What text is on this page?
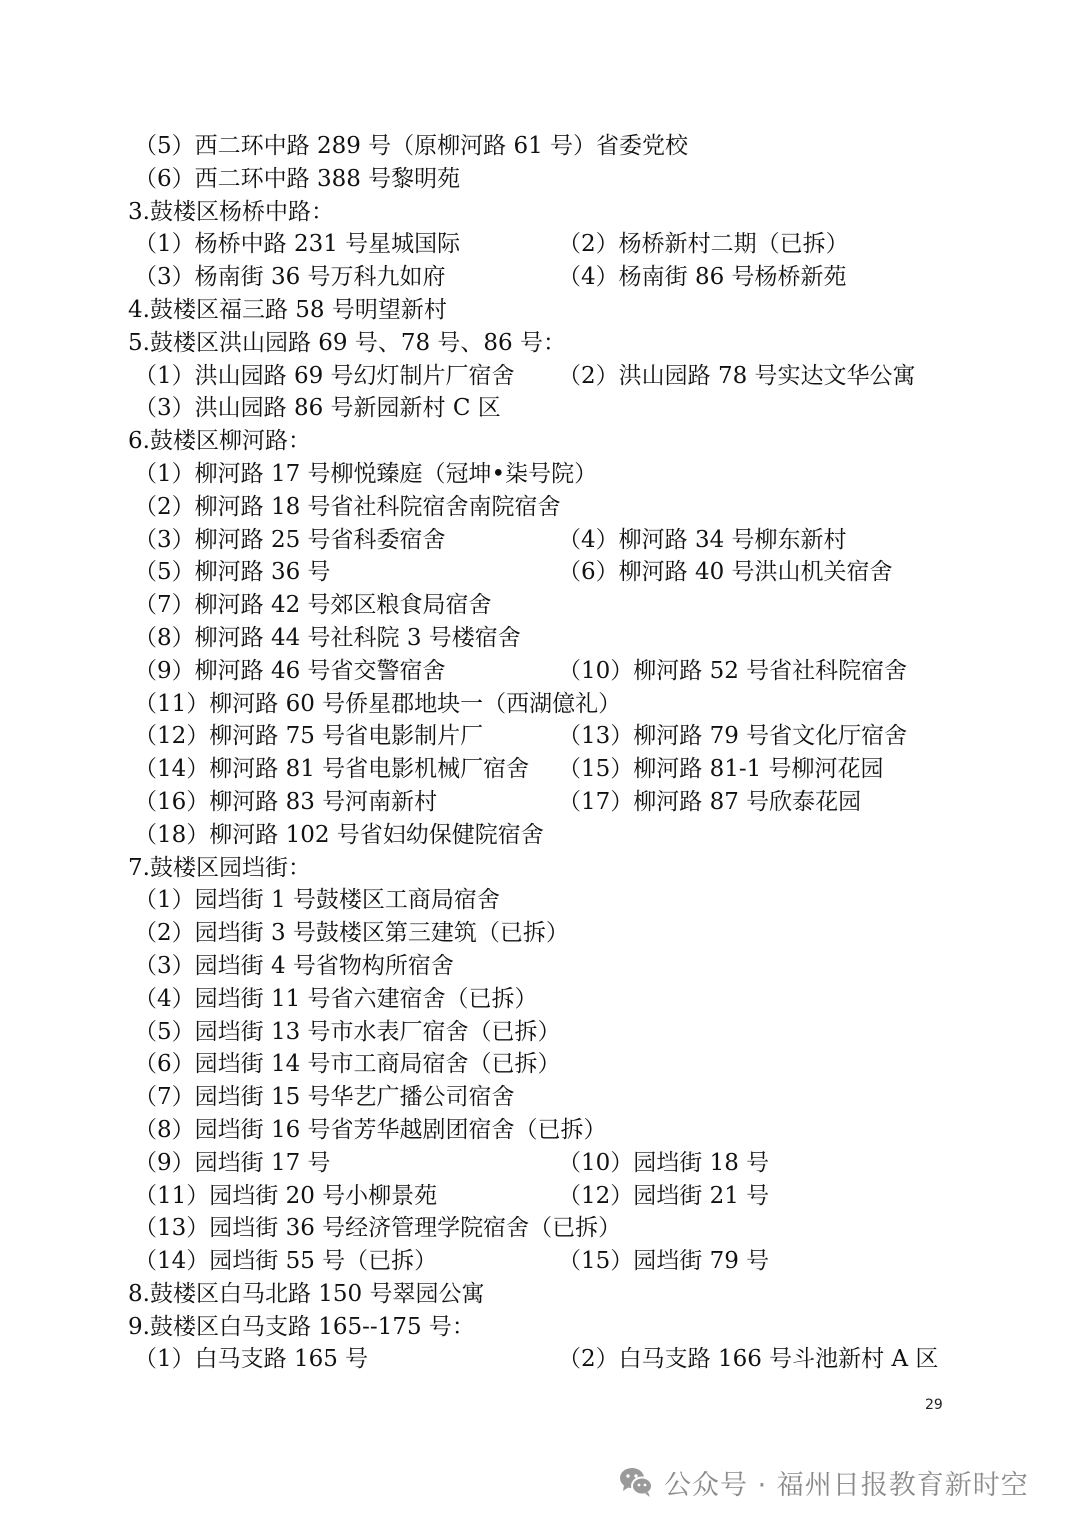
（5）西二环中路 289 号（原柳河路 61 号）省委党校
（6）西二环中路 388 号黎明苑
3.鼓楼区杨桥中路：
（1）杨桥中路 231 号星城国际	（2）杨桥新村二期（已拆）
（3）杨南街 36 号万科九如府	（4）杨南街 86 号杨桥新苑
4.鼓楼区福三路 58 号明望新村
5.鼓楼区洪山园路 69 号、78 号、86 号：
（1）洪山园路 69 号幻灯制片厂宿舍 （2）洪山园路 78 号实达文华公寓
（3）洪山园路 86 号新园新村 C 区
6.鼓楼区柳河路：
（1）柳河路 17 号柳悦臻庭（冠坤•柒号院）
（2）柳河路 18 号省社科院宿舍南院宿舍
（3）柳河路 25 号省科委宿舍	（4）柳河路 34 号柳东新村
（5）柳河路 36 号	（6）柳河路 40 号洪山机关宿舍
（7）柳河路 42 号郊区粮食局宿舍
（8）柳河路 44 号社科院 3 号楼宿舍
（9）柳河路 46 号省交警宿舍	（10）柳河路 52 号省社科院宿舍
（11）柳河路 60 号侨星郡地块一（西湖億礼）
（12）柳河路 75 号省电影制片厂	（13）柳河路 79 号省文化厅宿舍
（14）柳河路 81 号省电影机械厂宿舍 （15）柳河路 81-1 号柳河花园
（16）柳河路 83 号河南新村	（17）柳河路 87 号欣泰花园
（18）柳河路 102 号省妇幼保健院宿舍
7.鼓楼区园垱街：
（1）园垱街 1 号鼓楼区工商局宿舍
（2）园垱街 3 号鼓楼区第三建筑（已拆）
（3）园垱街 4 号省物构所宿舍
（4）园垱街 11 号省六建宿舍（已拆）
（5）园垱街 13 号市水表厂宿舍（已拆）
（6）园垱街 14 号市工商局宿舍（已拆）
（7）园垱街 15 号华艺广播公司宿舍
（8）园垱街 16 号省芳华越剧团宿舍（已拆）
（9）园垱街 17 号	（10）园垱街 18 号
（11）园垱街 20 号小柳景苑	（12）园垱街 21 号
（13）园垱街 36 号经济管理学院宿舍（已拆）
（14）园垱街 55 号（已拆）	（15）园垱街 79 号
8.鼓楼区白马北路 150 号翠园公寓
9.鼓楼区白马支路 165--175 号：
（1）白马支路 165 号	（2）白马支路 166 号斗池新村 A 区
29
公众号 · 福州日报教育新时空
